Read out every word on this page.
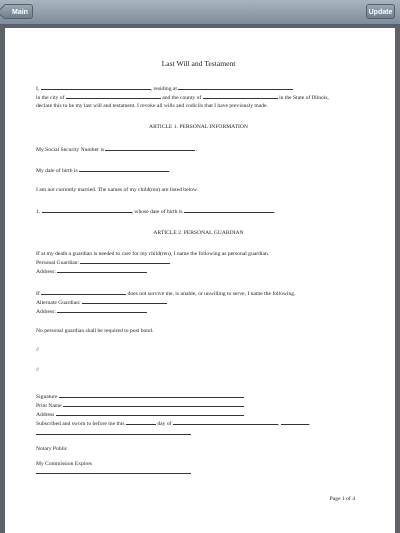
Main	Update

Last Will and Testament

I,	, residing at

in the city of	and the county of	in the State of Illinois,

declare this to be my last will and testament. I revoke all wills and codicils that I have previously made.

ARTICLE 1. PERSONAL INFORMATION

My Social Security Number is	.

My date of birth is	.

I am not currently married. The names of my child(ren) are listed below.

1.	, whose date of birth is	.

ARTICLE 2. PERSONAL GUARDIAN

If at my death a guardian is needed to care for my child(ren), I name the following as personal guardian.

Personal Guardian:

Address:

If	does not survive me, is unable, or unwilling to serve, I name the following.

Alternate Guardian:

Address:

No personal guardian shall be required to post bond.

//

//

Signature

Print Name

Address

Subscribed and sworn to before me this	day of	,	.

Notary Public

My Commission Expires

Page 1 of 4
